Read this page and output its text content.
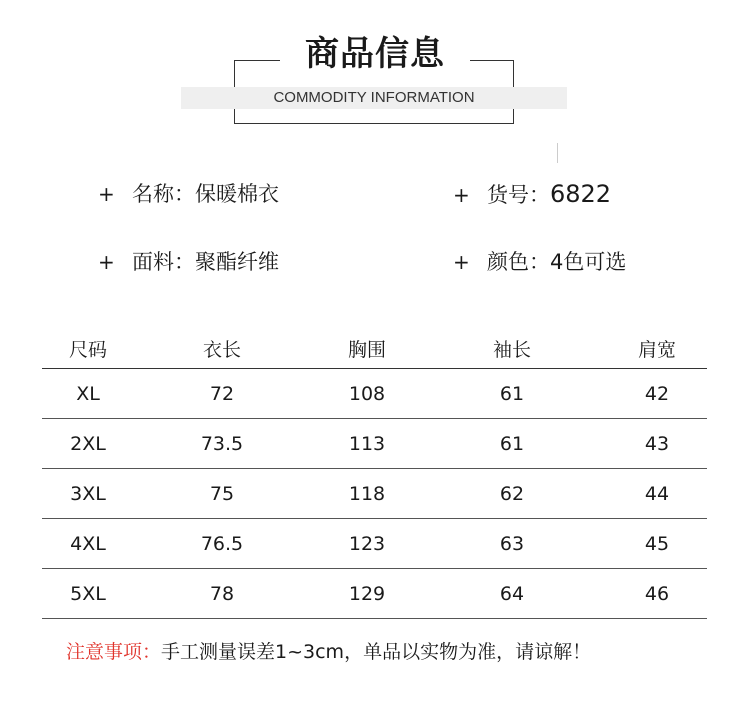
商品信息
COMMODITY INFORMATION
+ 名称：保暖棉衣	+ 货号：6822
+ 面料：聚酯纤维	+ 颜色：4色可选
尺码	衣长	胸围	袖长	肩宽
XL	72	108	61	42
2XL	73.5	113	61	43
3XL	75	118	62	44
4XL	76.5	123	63	45
5XL	78	129	64	46
注意事项：手工测量误差1~3cm，单品以实物为准，请谅解！
